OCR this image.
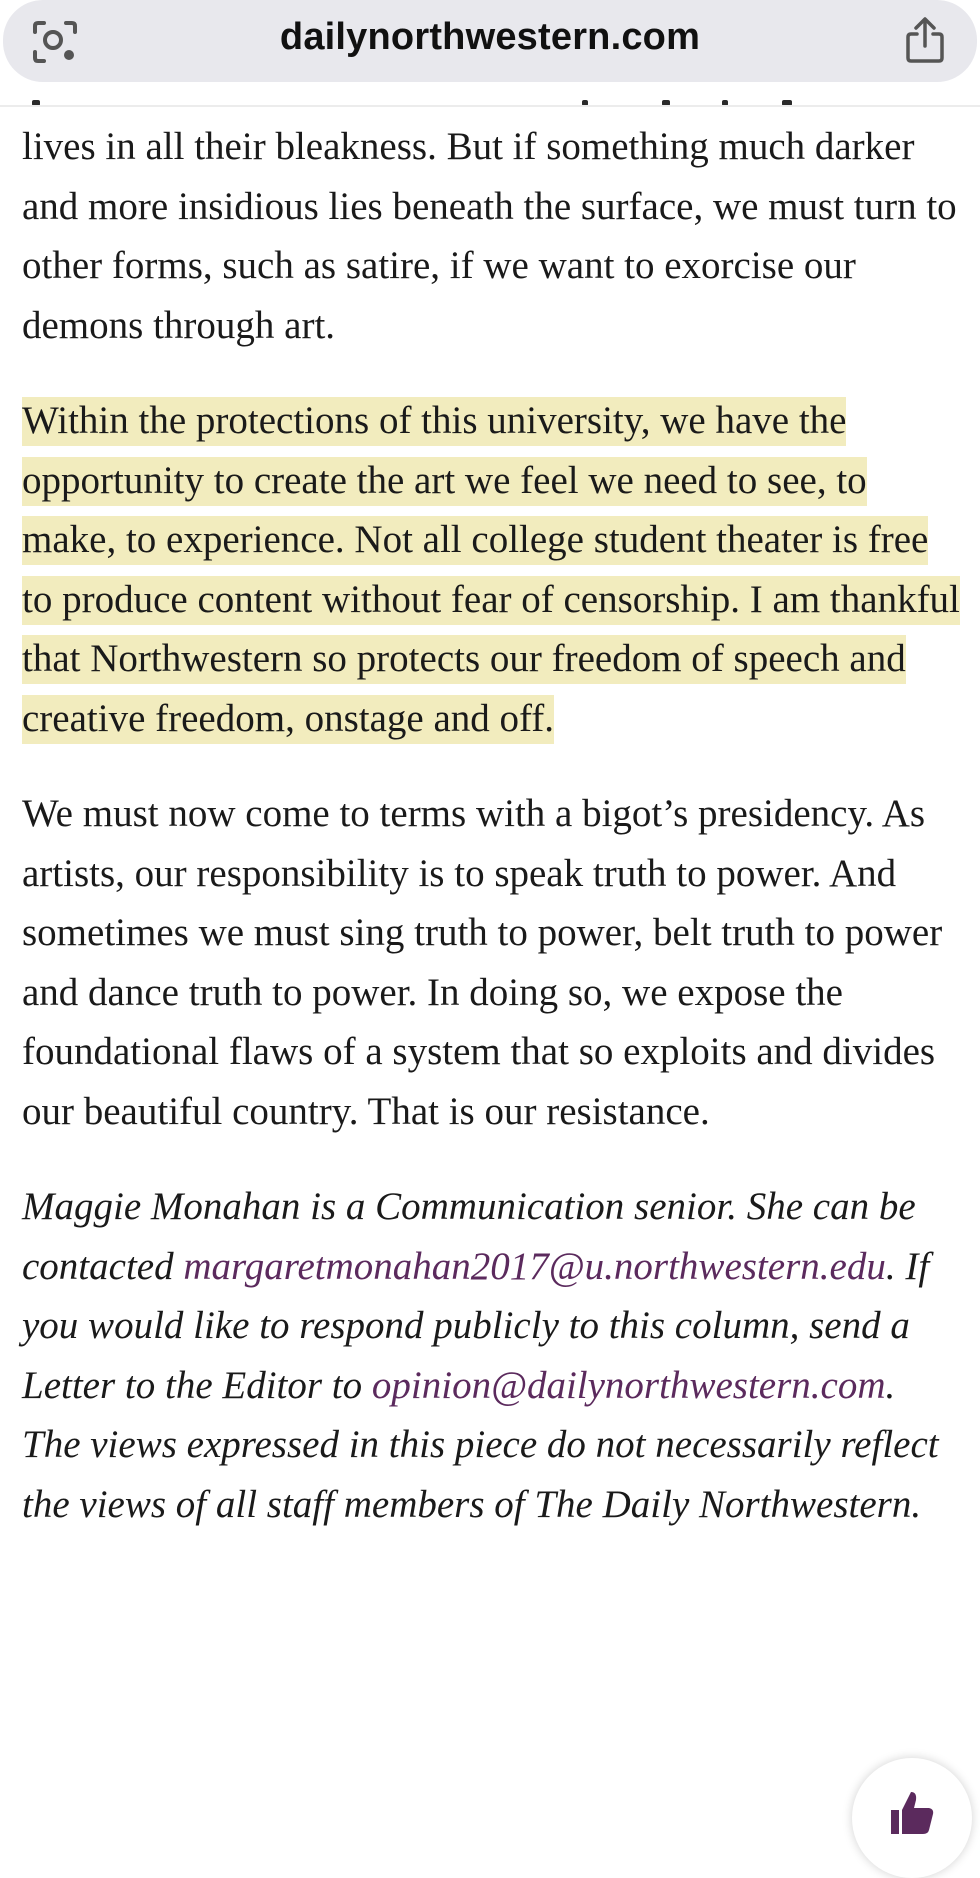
dailynorthwestern.com

lives in all their bleakness. But if something much darker and more insidious lies beneath the surface, we must turn to other forms, such as satire, if we want to exorcise our demons through art.

Within the protections of this university, we have the opportunity to create the art we feel we need to see, to make, to experience. Not all college student theater is free to produce content without fear of censorship. I am thankful that Northwestern so protects our freedom of speech and creative freedom, onstage and off.

We must now come to terms with a bigot’s presidency. As artists, our responsibility is to speak truth to power. And sometimes we must sing truth to power, belt truth to power and dance truth to power. In doing so, we expose the foundational flaws of a system that so exploits and divides our beautiful country. That is our resistance.

Maggie Monahan is a Communication senior. She can be contacted margaretmonahan2017@u.northwestern.edu. If you would like to respond publicly to this column, send a Letter to the Editor to opinion@dailynorthwestern.com. The views expressed in this piece do not necessarily reflect the views of all staff members of The Daily Northwestern.
